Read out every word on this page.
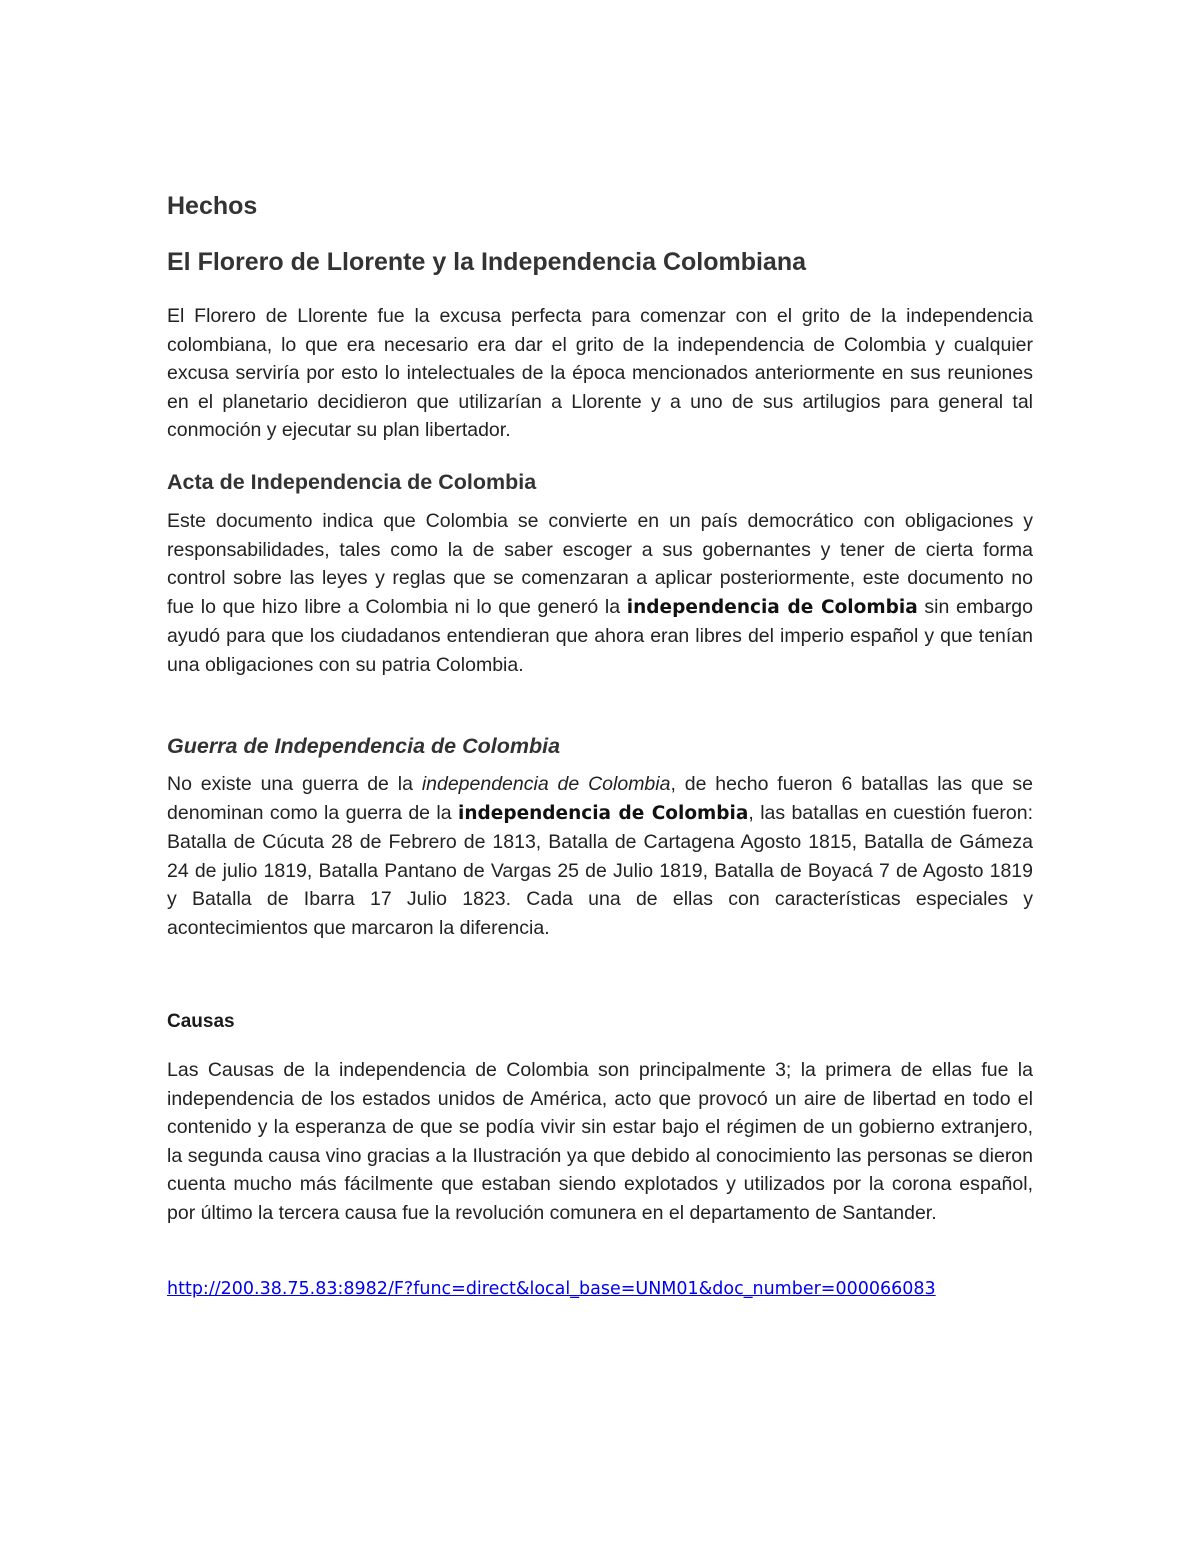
Hechos
El Florero de Llorente y la Independencia Colombiana

El Florero de Llorente fue la excusa perfecta para comenzar con el grito de la independencia colombiana, lo que era necesario era dar el grito de la independencia de Colombia y cualquier excusa serviría por esto lo intelectuales de la época mencionados anteriormente en sus reuniones en el planetario decidieron que utilizarían a Llorente y a uno de sus artilugios para general tal conmoción y ejecutar su plan libertador.

Acta de Independencia de Colombia

Este documento indica que Colombia se convierte en un país democrático con obligaciones y responsabilidades, tales como la de saber escoger a sus gobernantes y tener de cierta forma control sobre las leyes y reglas que se comenzaran a aplicar posteriormente, este documento no fue lo que hizo libre a Colombia ni lo que generó la independencia de Colombia sin embargo ayudó para que los ciudadanos entendieran que ahora eran libres del imperio español y que tenían una obligaciones con su patria Colombia.

Guerra de Independencia de Colombia

No existe una guerra de la independencia de Colombia, de hecho fueron 6 batallas las que se denominan como la guerra de la independencia de Colombia, las batallas en cuestión fueron: Batalla de Cúcuta 28 de Febrero de 1813, Batalla de Cartagena Agosto 1815, Batalla de Gámeza 24 de julio 1819, Batalla Pantano de Vargas 25 de Julio 1819, Batalla de Boyacá 7 de Agosto 1819 y Batalla de Ibarra 17 Julio 1823. Cada una de ellas con características especiales y acontecimientos que marcaron la diferencia.

Causas

Las Causas de la independencia de Colombia son principalmente 3; la primera de ellas fue la independencia de los estados unidos de América, acto que provocó un aire de libertad en todo el contenido y la esperanza de que se podía vivir sin estar bajo el régimen de un gobierno extranjero, la segunda causa vino gracias a la Ilustración ya que debido al conocimiento las personas se dieron cuenta mucho más fácilmente que estaban siendo explotados y utilizados por la corona español, por último la tercera causa fue la revolución comunera en el departamento de Santander.

http://200.38.75.83:8982/F?func=direct&local_base=UNM01&doc_number=000066083
